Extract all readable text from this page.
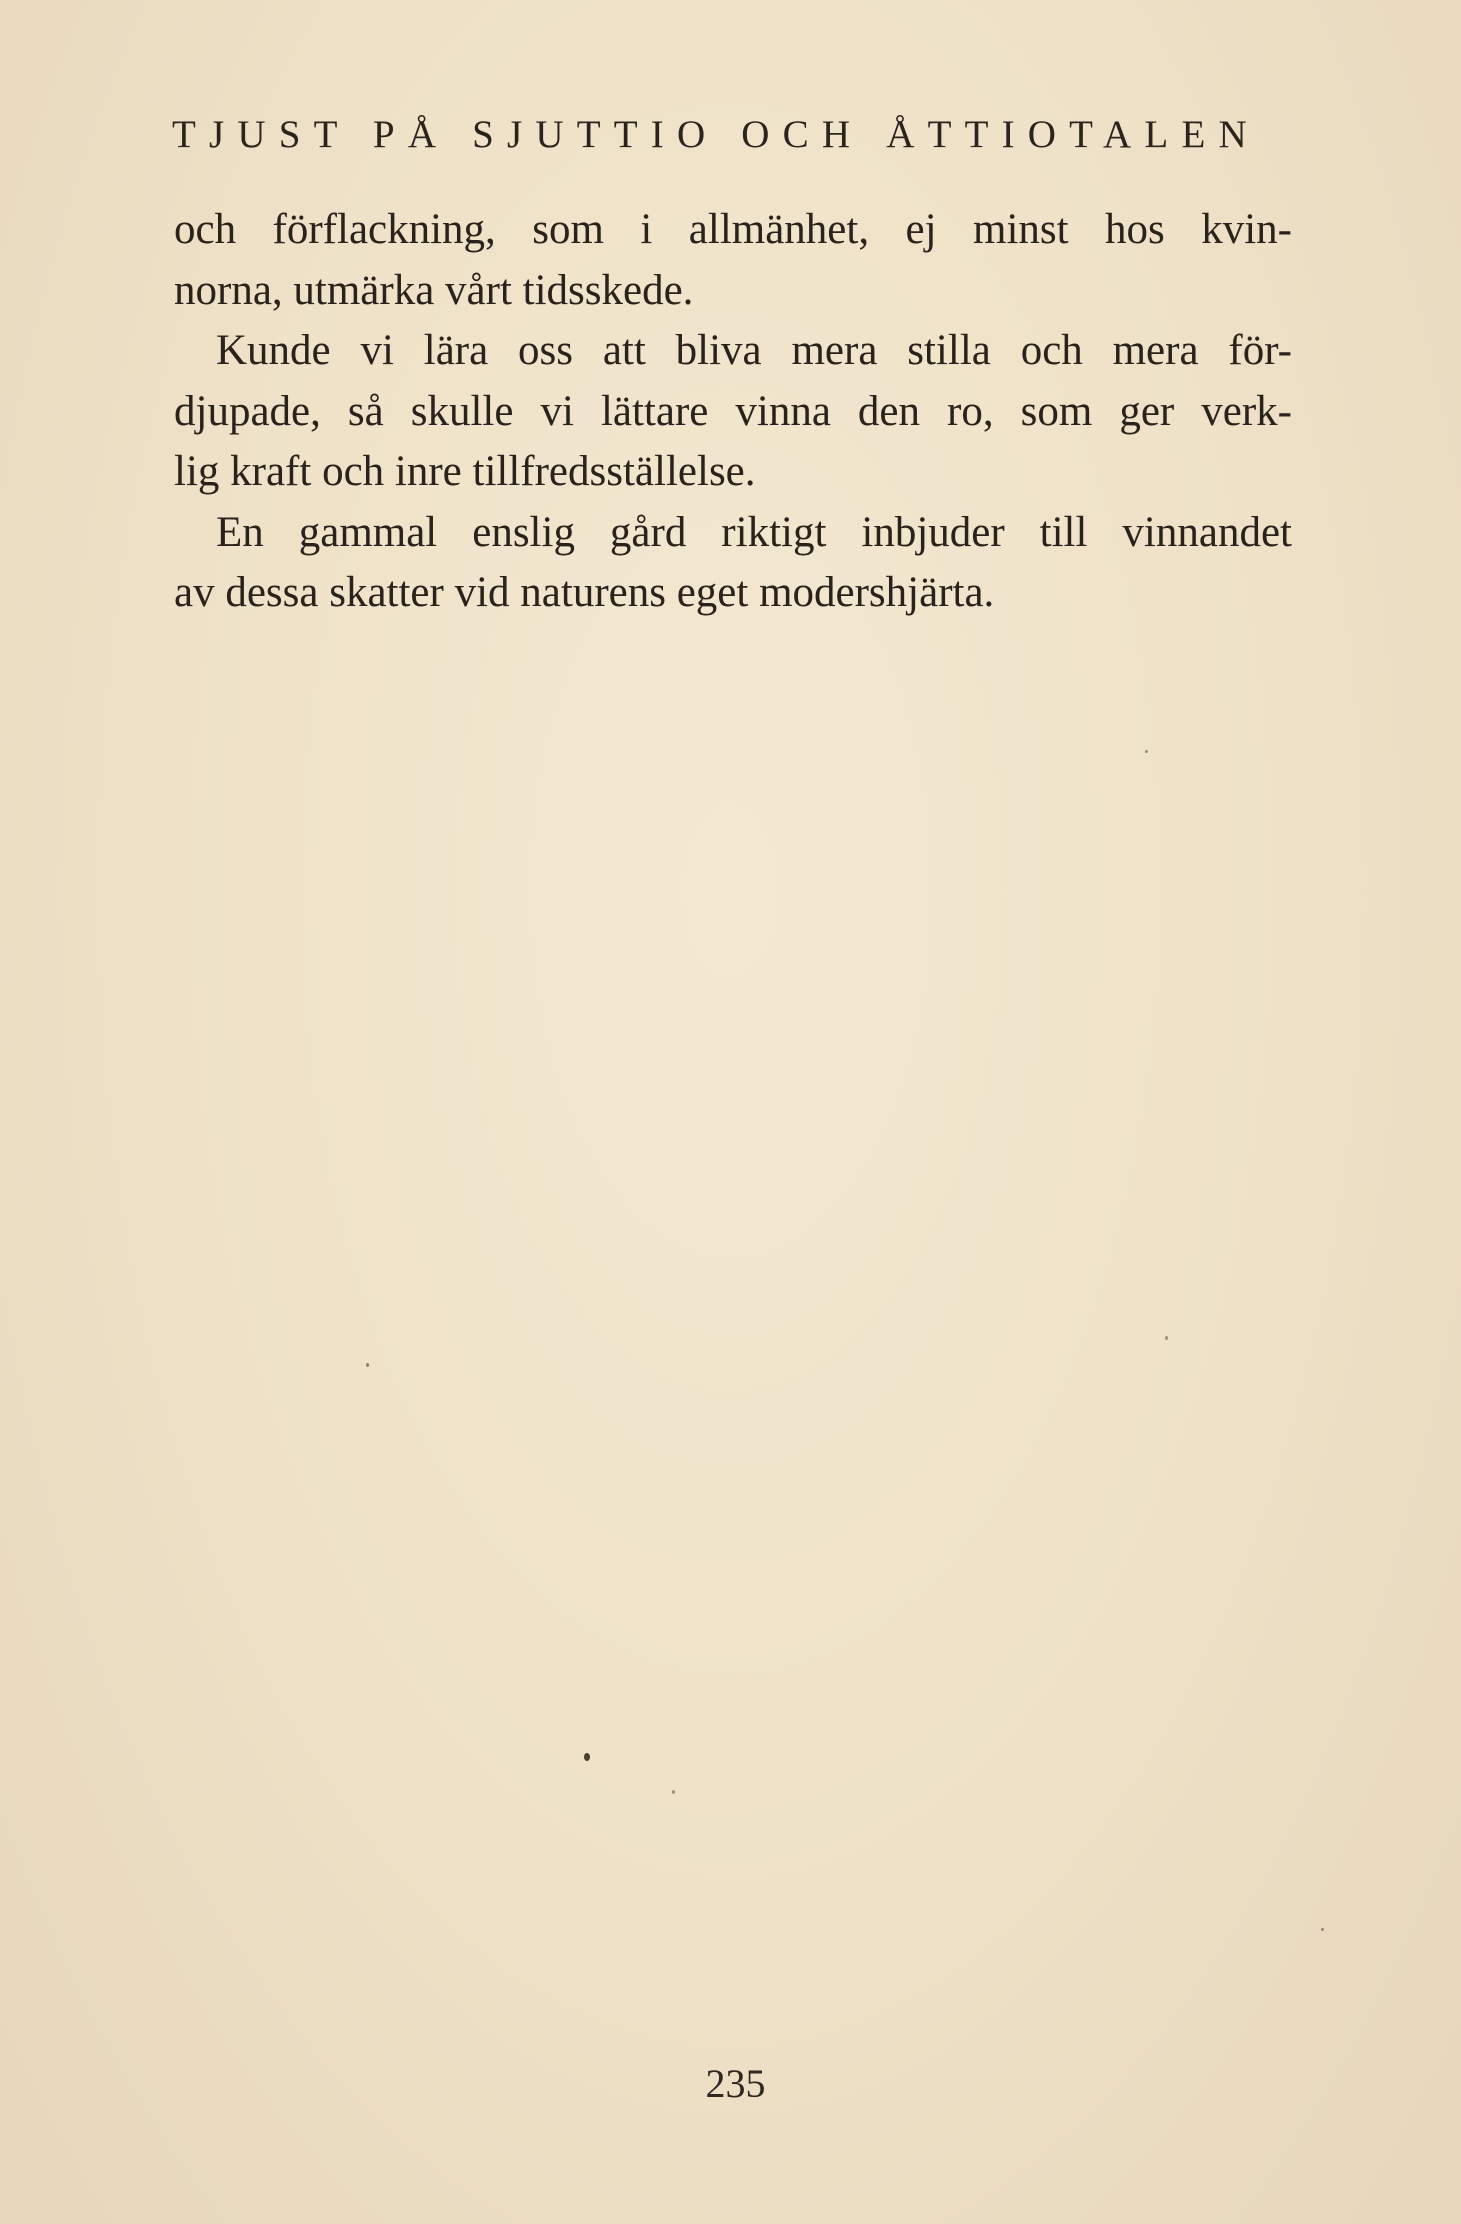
TJUST PÅ SJUTTIO OCH ÅTTIOTALEN
och förflackning, som i allmänhet, ej minst hos kvin-
norna, utmärka vårt tidsskede.
Kunde vi lära oss att bliva mera stilla och mera för-
djupade, så skulle vi lättare vinna den ro, som ger verk-
lig kraft och inre tillfredsställelse.
En gammal enslig gård riktigt inbjuder till vinnandet
av dessa skatter vid naturens eget modershjärta.
235
